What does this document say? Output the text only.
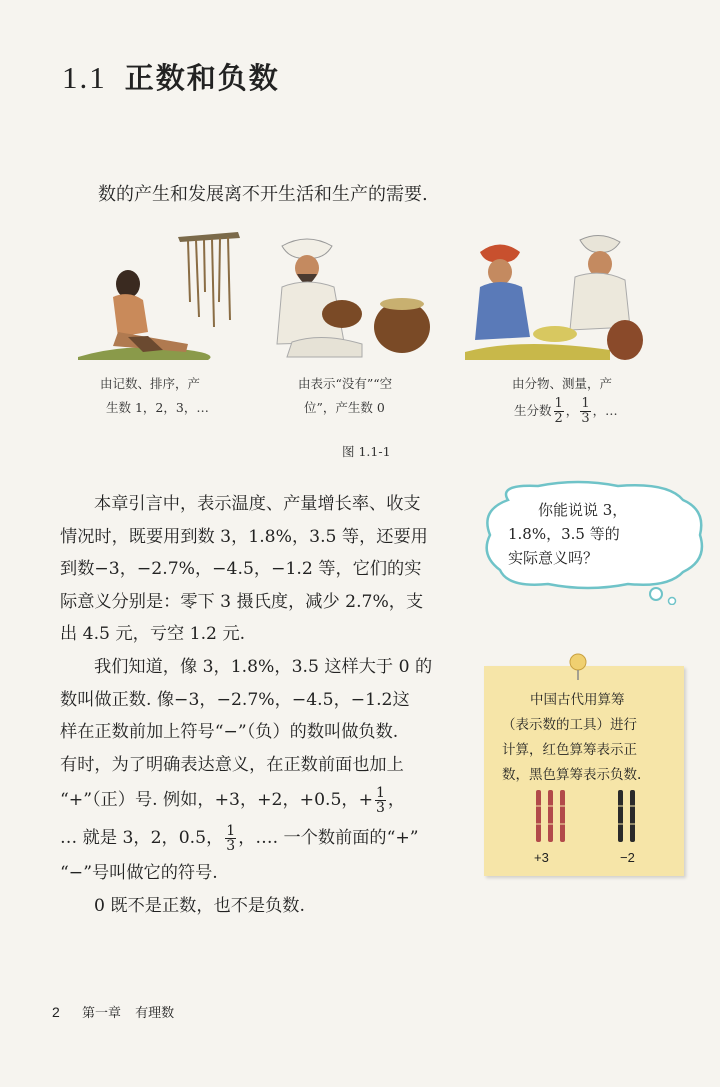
1.1 正数和负数
数的产生和发展离不开生活和生产的需要.
由记数、排序，产
生数 1，2，3，…
由表示“没有”“空
位”，产生数 0
由分物、测量，产
生分数 $\frac{1}{2}$ ， $\frac{1}{3}$ ，…
图 1.1-1
本章引言中，表示温度、产量增长率、收支
情况时，既要用到数 3，1.8%，3.5 等，还要用
到数−3，−2.7%，−4.5，−1.2 等，它们的实
际意义分别是：零下 3 摄氏度，减少 2.7%，支
出 4.5 元，亏空 1.2 元.
我们知道，像 3，1.8%，3.5 这样大于 0 的
数叫做正数. 像−3，−2.7%，−4.5，−1.2这
样在正数前加上符号“−”（负）的数叫做负数.
有时，为了明确表达意义，在正数前面也加上
“+”（正）号. 例如，+3，+2，+0.5，+ $\frac{1}{3}$ ，
… 就是 3，2，0.5， $\frac{1}{3}$ ，…. 一个数前面的“+”
“−”号叫做它的符号.
0 既不是正数，也不是负数.
你能说说 3，
1.8%，3.5 等的
实际意义吗？
中国古代用算筹
（表示数的工具）进行
计算，红色算筹表示正
数，黑色算筹表示负数.
+3	−2
2 第一章 有理数
